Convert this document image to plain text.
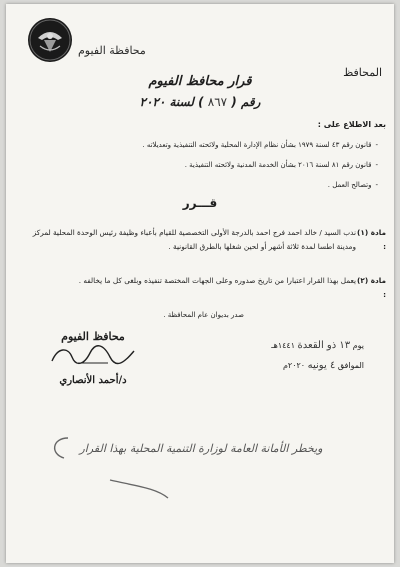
محافظة الفيوم
المحافظ
قرار محافظ الفيوم
رقم ( ٨٦٧ ) لسنة ٢٠٢٠
بعد الاطلاع على :
-قانون رقم ٤٣ لسنة ١٩٧٩ بشأن نظام الإدارة المحلية ولائحته التنفيذية وتعديلاته .
-قانون رقم ٨١ لسنة ٢٠١٦ بشأن الخدمة المدنية ولائحته التنفيذية .
-وتصالح العمل .
قـــرر
مادة (١) :
ندب السيد / خالد احمد فرج احمد بالدرجة الأولى التخصصية للقيام بأعباء وظيفة رئيس الوحدة المحلية لمركز ومدينة اطسا لمدة ثلاثة أشهر أو لحين شغلها بالطرق القانونية .
مادة (٢) :
يعمل بهذا القرار اعتبارا من تاريخ صدوره وعلى الجهات المختصة تنفيذه وبلغى كل ما يخالفه .
صدر بديوان عام المحافظة .
يوم ١٣ ذو القعدة ١٤٤١هـ
الموافق ٤ يونيه ٢٠٢٠م
محافظ الفيوم
د/أحمد الأنصاري
ويخطر الأمانة العامة لوزارة التنمية المحلية بهذا القرار
